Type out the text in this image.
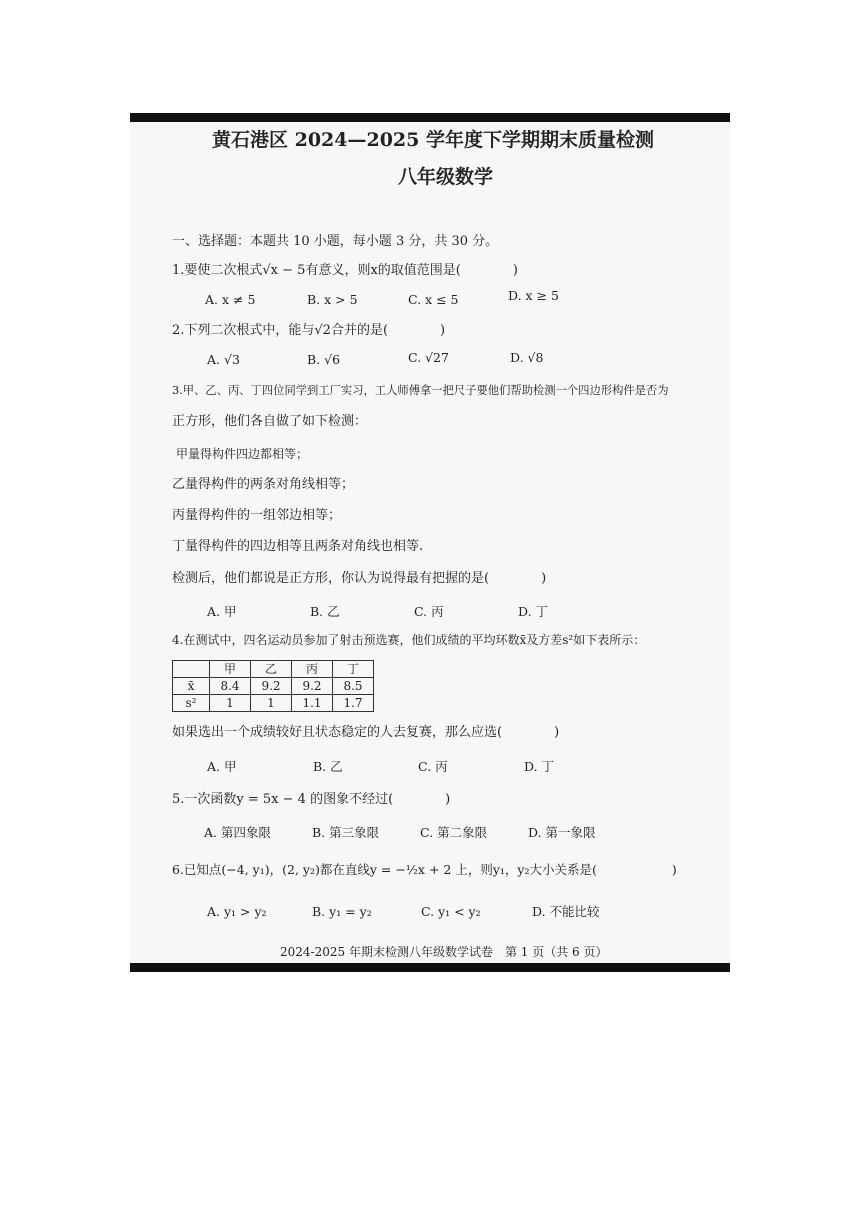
黄石港区 2024—2025 学年度下学期期末质量检测
八年级数学
一、选择题：本题共 10 小题，每小题 3 分，共 30 分。
1.要使二次根式√x − 5有意义，则x的取值范围是(　　　　)
A. x ≠ 5	B. x > 5	C. x ≤ 5	D. x ≥ 5
2.下列二次根式中，能与√2合并的是(　　　　)
A. √3	B. √6	C. √27	D. √8
3.甲、乙、丙、丁四位同学到工厂实习，工人师傅拿一把尺子要他们帮助检测一个四边形构件是否为
正方形，他们各自做了如下检测：
甲量得构件四边都相等；
乙量得构件的两条对角线相等；
丙量得构件的一组邻边相等；
丁量得构件的四边相等且两条对角线也相等.
检测后，他们都说是正方形，你认为说得最有把握的是(　　　　)
A. 甲	B. 乙	C. 丙	D. 丁
4.在测试中，四名运动员参加了射击预选赛，他们成绩的平均环数x̄及方差s²如下表所示：
	甲	乙	丙	丁
x̄	8.4	9.2	9.2	8.5
s²	1	1	1.1	1.7
如果选出一个成绩较好且状态稳定的人去复赛，那么应选(　　　　)
A. 甲	B. 乙	C. 丙	D. 丁
5.一次函数y = 5x − 4 的图象不经过(　　　　)
A. 第四象限	B. 第三象限	C. 第二象限	D. 第一象限
6.已知点(−4, y₁)，(2, y₂)都在直线y = −½x + 2 上，则y₁，y₂大小关系是(　　　　　　)
A. y₁ > y₂	B. y₁ = y₂	C. y₁ < y₂	D. 不能比较
2024-2025 年期末检测八年级数学试卷　第 1 页（共 6 页）
